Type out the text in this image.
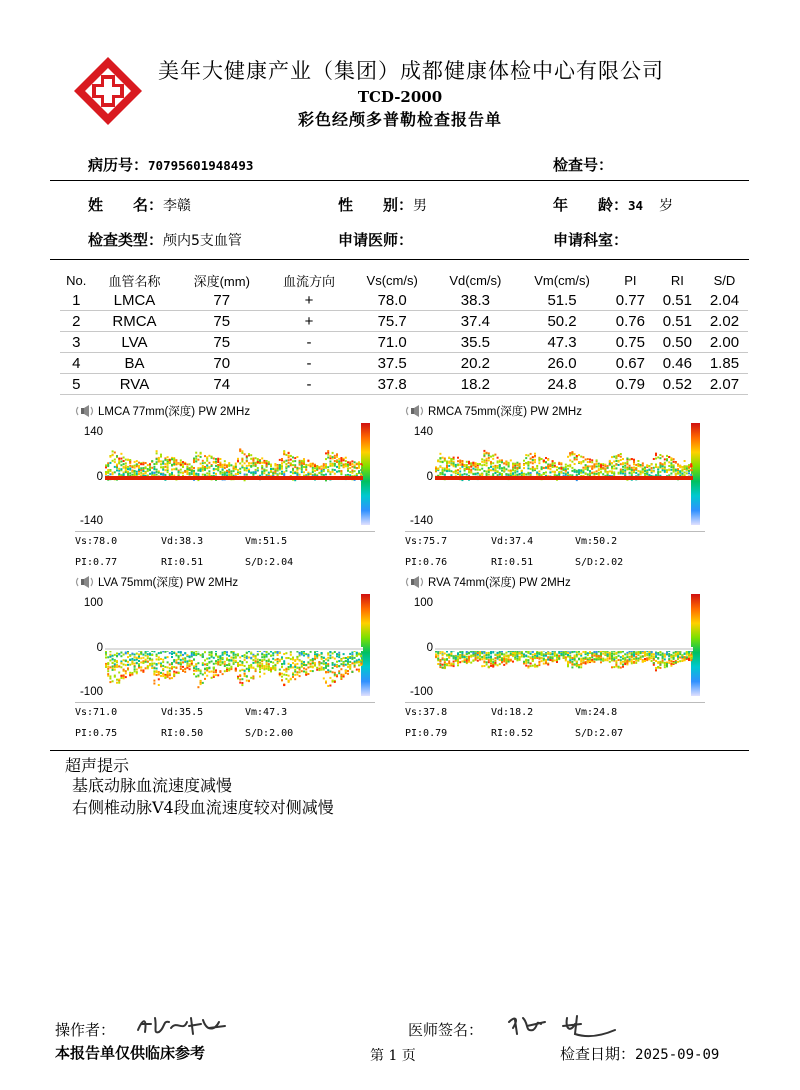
美年大健康产业（集团）成都健康体检中心有限公司
TCD-2000
彩色经颅多普勒检查报告单
病历号：70795601948493	检查号：
姓　　名：李赣	性　　别：男	年　　龄：34 岁
检查类型：颅内5支血管	申请医师：	申请科室：
No.	血管名称	深度(mm)	血流方向	Vs(cm/s)	Vd(cm/s)	Vm(cm/s)	PI	RI	S/D
1	LMCA	77	+	78.0	38.3	51.5	0.77	0.51	2.04
2	RMCA	75	+	75.7	37.4	50.2	0.76	0.51	2.02
3	LVA	75	-	71.0	35.5	47.3	0.75	0.50	2.00
4	BA	70	-	37.5	20.2	26.0	0.67	0.46	1.85
5	RVA	74	-	37.8	18.2	24.8	0.79	0.52	2.07
LMCA 77mm(深度) PW 2MHz
140
0
-140
Vs:78.0	Vd:38.3	Vm:51.5
PI:0.77	RI:0.51	S/D:2.04
RMCA 75mm(深度) PW 2MHz
140
0
-140
Vs:75.7	Vd:37.4	Vm:50.2
PI:0.76	RI:0.51	S/D:2.02
LVA 75mm(深度) PW 2MHz
100
0
-100
Vs:71.0	Vd:35.5	Vm:47.3
PI:0.75	RI:0.50	S/D:2.00
RVA 74mm(深度) PW 2MHz
100
0
-100
Vs:37.8	Vd:18.2	Vm:24.8
PI:0.79	RI:0.52	S/D:2.07
超声提示
基底动脉血流速度减慢
右侧椎动脉V4段血流速度较对侧减慢
操作者：	医师签名：
本报告单仅供临床参考	第 1 页	检查日期：2025-09-09
